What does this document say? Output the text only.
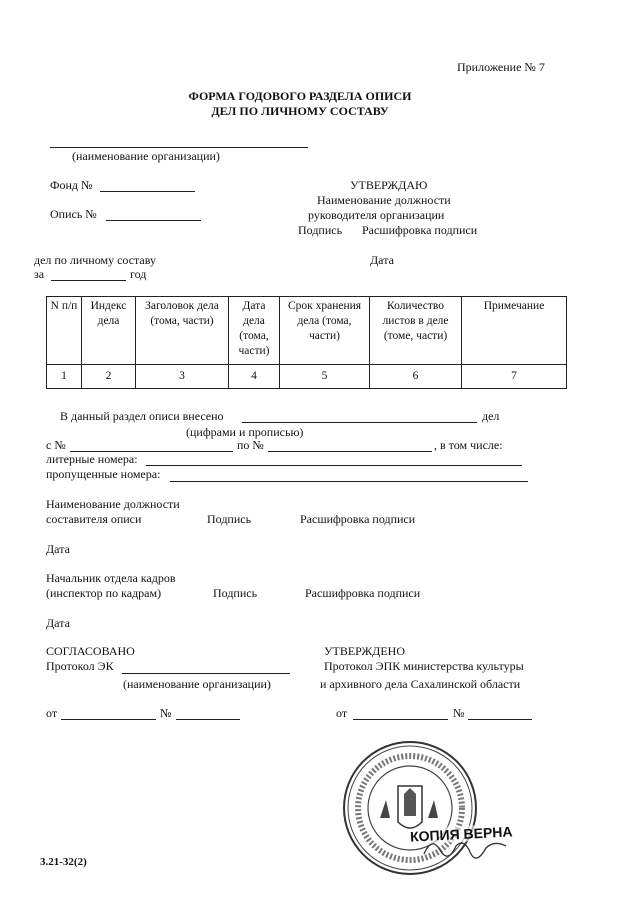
Приложение № 7
ФОРМА ГОДОВОГО РАЗДЕЛА ОПИСИ
ДЕЛ ПО ЛИЧНОМУ СОСТАВУ
(наименование организации)
Фонд №
Опись №
УТВЕРЖДАЮ
Наименование должности
руководителя организации
Подпись Расшифровка подписи
Дата
дел по личному составу
за	год
N п/п	Индекс дела	Заголовок дела (тома, части)	Дата дела (тома, части)	Срок хранения дела (тома, части)	Количество листов в деле (томе, части)	Примечание
1	2	3	4	5	6	7
В данный раздел описи внесено	дел
(цифрами и прописью)
с №	по №	, в том числе:
литерные номера:
пропущенные номера:
Наименование должности
составителя описи	Подпись	Расшифровка подписи
Дата
Начальник отдела кадров
(инспектор по кадрам)	Подпись	Расшифровка подписи
Дата
СОГЛАСОВАНО
Протокол ЭК
(наименование организации)
от	№
УТВЕРЖДЕНО
Протокол ЭПК министерства культуры
и архивного дела Сахалинской области
от	№
КОПИЯ ВЕРНА
3.21-32(2)
